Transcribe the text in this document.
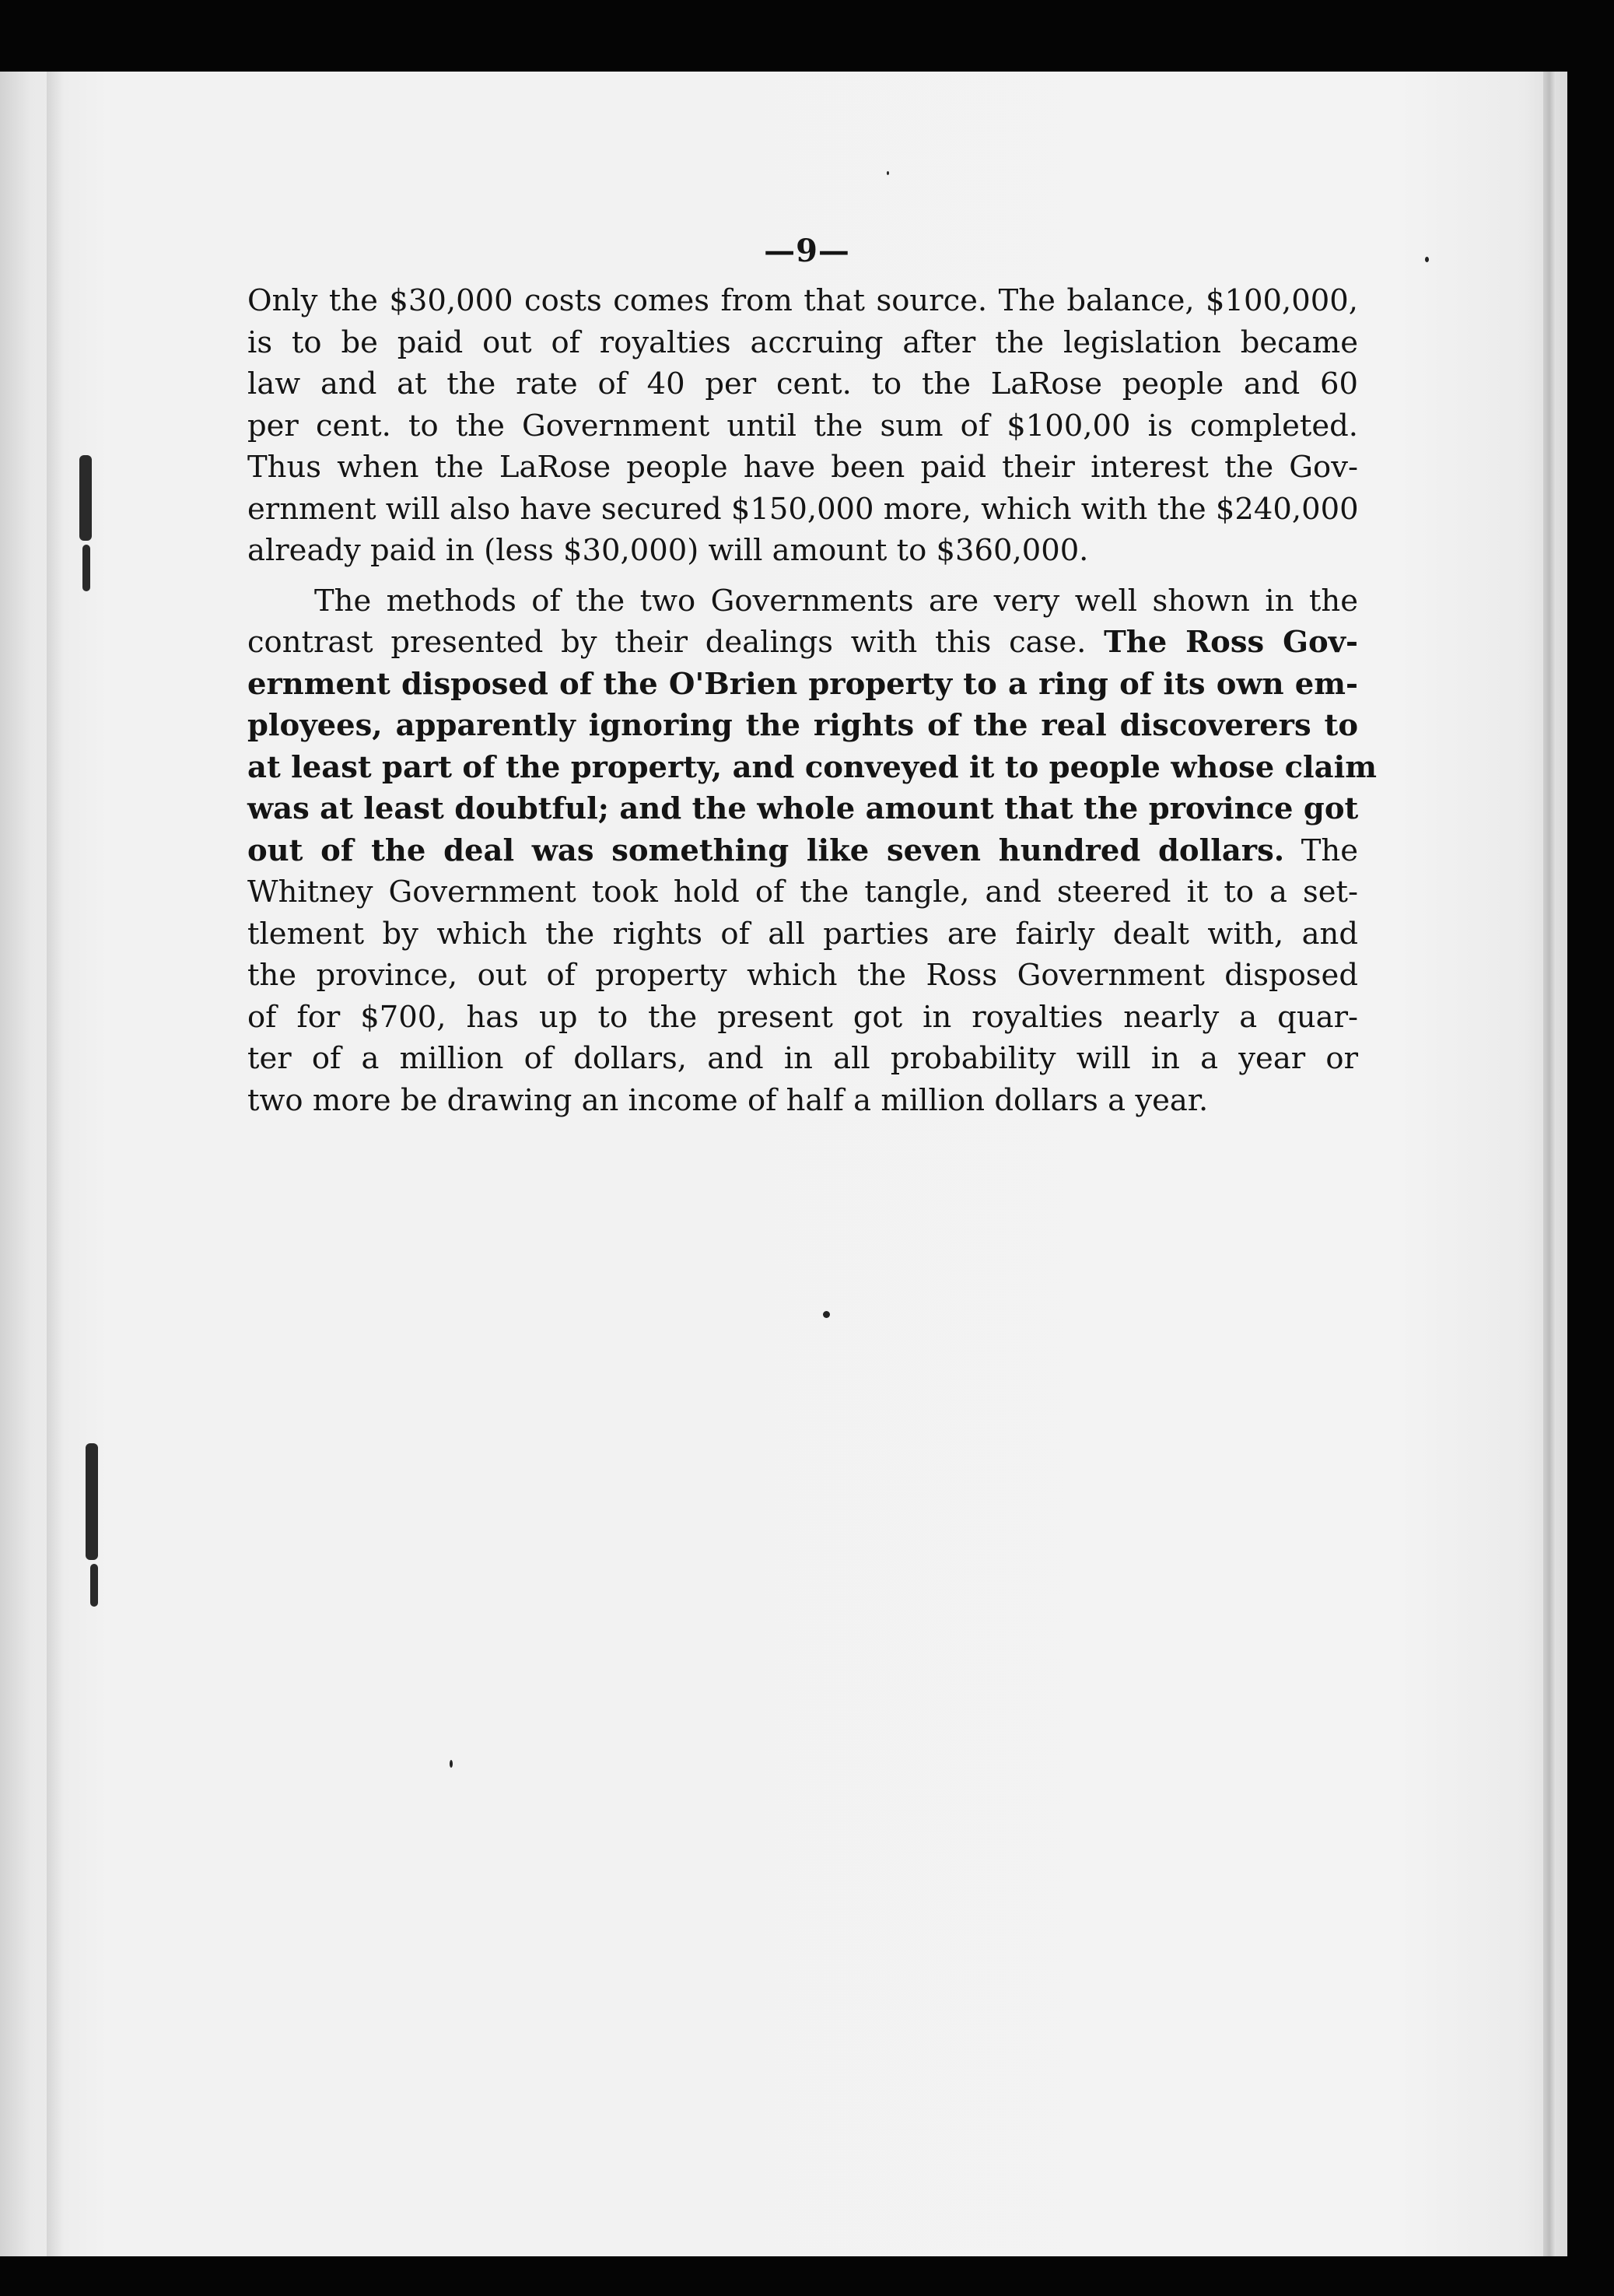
—9—
Only the $30,000 costs comes from that source. The balance, $100,000,
is to be paid out of royalties accruing after the legislation became
law and at the rate of 40 per cent. to the LaRose people and 60
per cent. to the Government until the sum of $100,00 is completed.
Thus when the LaRose people have been paid their interest the Gov-
ernment will also have secured $150,000 more, which with the $240,000
already paid in (less $30,000) will amount to $360,000.
The methods of the two Governments are very well shown in the
contrast presented by their dealings with this case. The Ross Gov-
ernment disposed of the O'Brien property to a ring of its own em-
ployees, apparently ignoring the rights of the real discoverers to
at least part of the property, and conveyed it to people whose claim
was at least doubtful; and the whole amount that the province got
out of the deal was something like seven hundred dollars. The
Whitney Government took hold of the tangle, and steered it to a set-
tlement by which the rights of all parties are fairly dealt with, and
the province, out of property which the Ross Government disposed
of for $700, has up to the present got in royalties nearly a quar-
ter of a million of dollars, and in all probability will in a year or
two more be drawing an income of half a million dollars a year.
